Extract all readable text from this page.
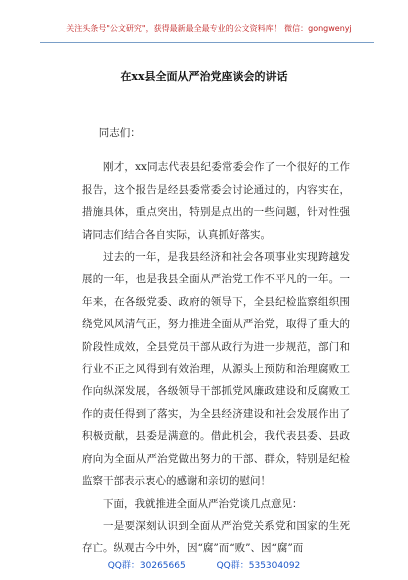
关注头条号"公文研究"，获得最新最全最专业的公文资料库！ 微信：gongwenyj
在xx县全面从严治党座谈会的讲话

同志们：

刚才，xx同志代表县纪委常委会作了一个很好的工作报告，这个报告是经县委常委会讨论通过的，内容实在，措施具体，重点突出，特别是点出的一些问题，针对性强请同志们结合各自实际，认真抓好落实。

过去的一年，是我县经济和社会各项事业实现跨越发展的一年，也是我县全面从严治党工作不平凡的一年。一年来，在各级党委、政府的领导下，全县纪检监察组织围绕党风风清气正，努力推进全面从严治党，取得了重大的阶段性成效，全县党员干部从政行为进一步规范，部门和行业不正之风得到有效治理，从源头上预防和治理腐败工作向纵深发展，各级领导干部抓党风廉政建设和反腐败工作的责任得到了落实，为全县经济建设和社会发展作出了积极贡献，县委是满意的。借此机会，我代表县委、县政府向为全面从严治党做出努力的干部、群众，特别是纪检监察干部表示衷心的感谢和亲切的慰问！

下面，我就推进全面从严治党谈几点意见：

一是要深刻认识到全面从严治党关系党和国家的生死存亡。纵观古今中外，因“腐”而“败”、因“腐”而

QQ群：30265665	QQ群：535304092
